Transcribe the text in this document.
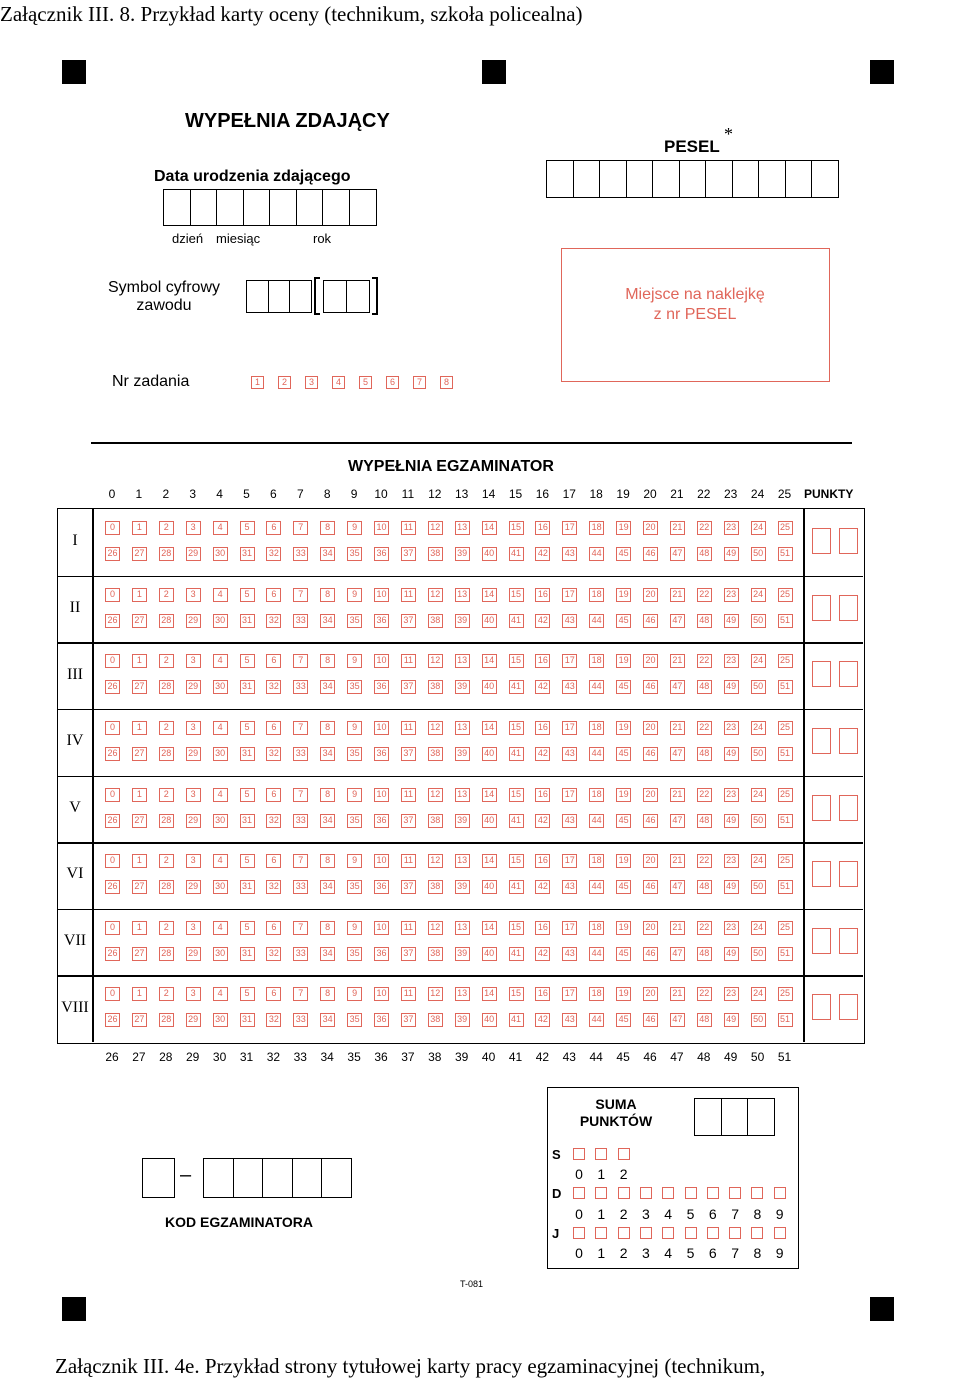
Załącznik III. 8. Przykład karty oceny (technikum, szkoła policealna)
WYPEŁNIA ZDAJĄCY
Data urodzenia zdającego
dzień miesiąc	rok
PESEL
*
Symbol cyfrowy
zawodu
Miejsce na naklejkę
z nr PESEL
Nr zadania	1	2	3	4	5	6	7	8
WYPEŁNIA EGZAMINATOR
0	1	2	3	4	5	6	7	8	9	10	11	12	13	14	15	16	17	18	19	20	21	22	23	24	25	PUNKTY
I
0	1	2	3	4	5	6	7	8	9	10	11	12 13 14 15 16 17 18 19 20 21 22 23 24 25
26 27 28 29 30 31 32 33 34 35 36 37 38 39 40 41 42 43 44 45 46 47 48 49 50 51
II
0	1	2	3	4	5	6	7	8	9	10	11	12 13 14 15 16 17 18 19 20 21 22 23 24 25
26 27 28 29 30 31 32 33 34 35 36 37 38 39 40 41 42 43 44 45 46 47 48 49 50 51
III
0	1	2	3	4	5	6	7	8	9	10	11	12 13 14 15 16 17 18 19 20 21 22 23 24 25
26 27 28 29 30 31 32 33 34 35 36 37 38 39 40 41 42 43 44 45 46 47 48 49 50 51
IV
0	1	2	3	4	5	6	7	8	9	10	11	12 13 14 15 16 17 18 19 20 21 22 23 24 25
26 27 28 29 30 31 32 33 34 35 36 37 38 39 40 41 42 43 44 45 46 47 48 49 50 51
V
0	1	2	3	4	5	6	7	8	9	10	11	12 13 14 15 16 17 18 19 20 21 22 23 24 25
26 27 28 29 30 31 32 33 34 35 36 37 38 39 40 41 42 43 44 45 46 47 48 49 50 51
VI
0	1	2	3	4	5	6	7	8	9	10	11	12 13 14 15 16 17 18 19 20 21 22 23 24 25
26 27 28 29 30 31 32 33 34 35 36 37 38 39 40 41 42 43 44 45 46 47 48 49 50 51
VII
0	1	2	3	4	5	6	7	8	9	10	11	12 13 14 15 16 17 18 19 20 21 22 23 24 25
26 27 28 29 30 31 32 33 34 35 36 37 38 39 40 41 42 43 44 45 46 47 48 49 50 51
VIII
0	1	2	3	4	5	6	7	8	9	10	11	12 13 14 15 16 17 18 19 20 21 22 23 24 25
26 27 28 29 30 31 32 33 34 35 36 37 38 39 40 41 42 43 44 45 46 47 48 49 50 51
26	27	28	29	30	31	32	33	34	35	36	37	38	39	40	41	42	43	44	45	46	47	48	49	50	51
–
KOD EGZAMINATORA
SUMA
PUNKTÓW
S
D
J
0 1 2
0 1 2 3 4 5 6 7 8 9
0 1 2 3 4 5 6 7 8 9
T-081
Załącznik III. 4e. Przykład strony tytułowej karty pracy egzaminacyjnej (technikum,
